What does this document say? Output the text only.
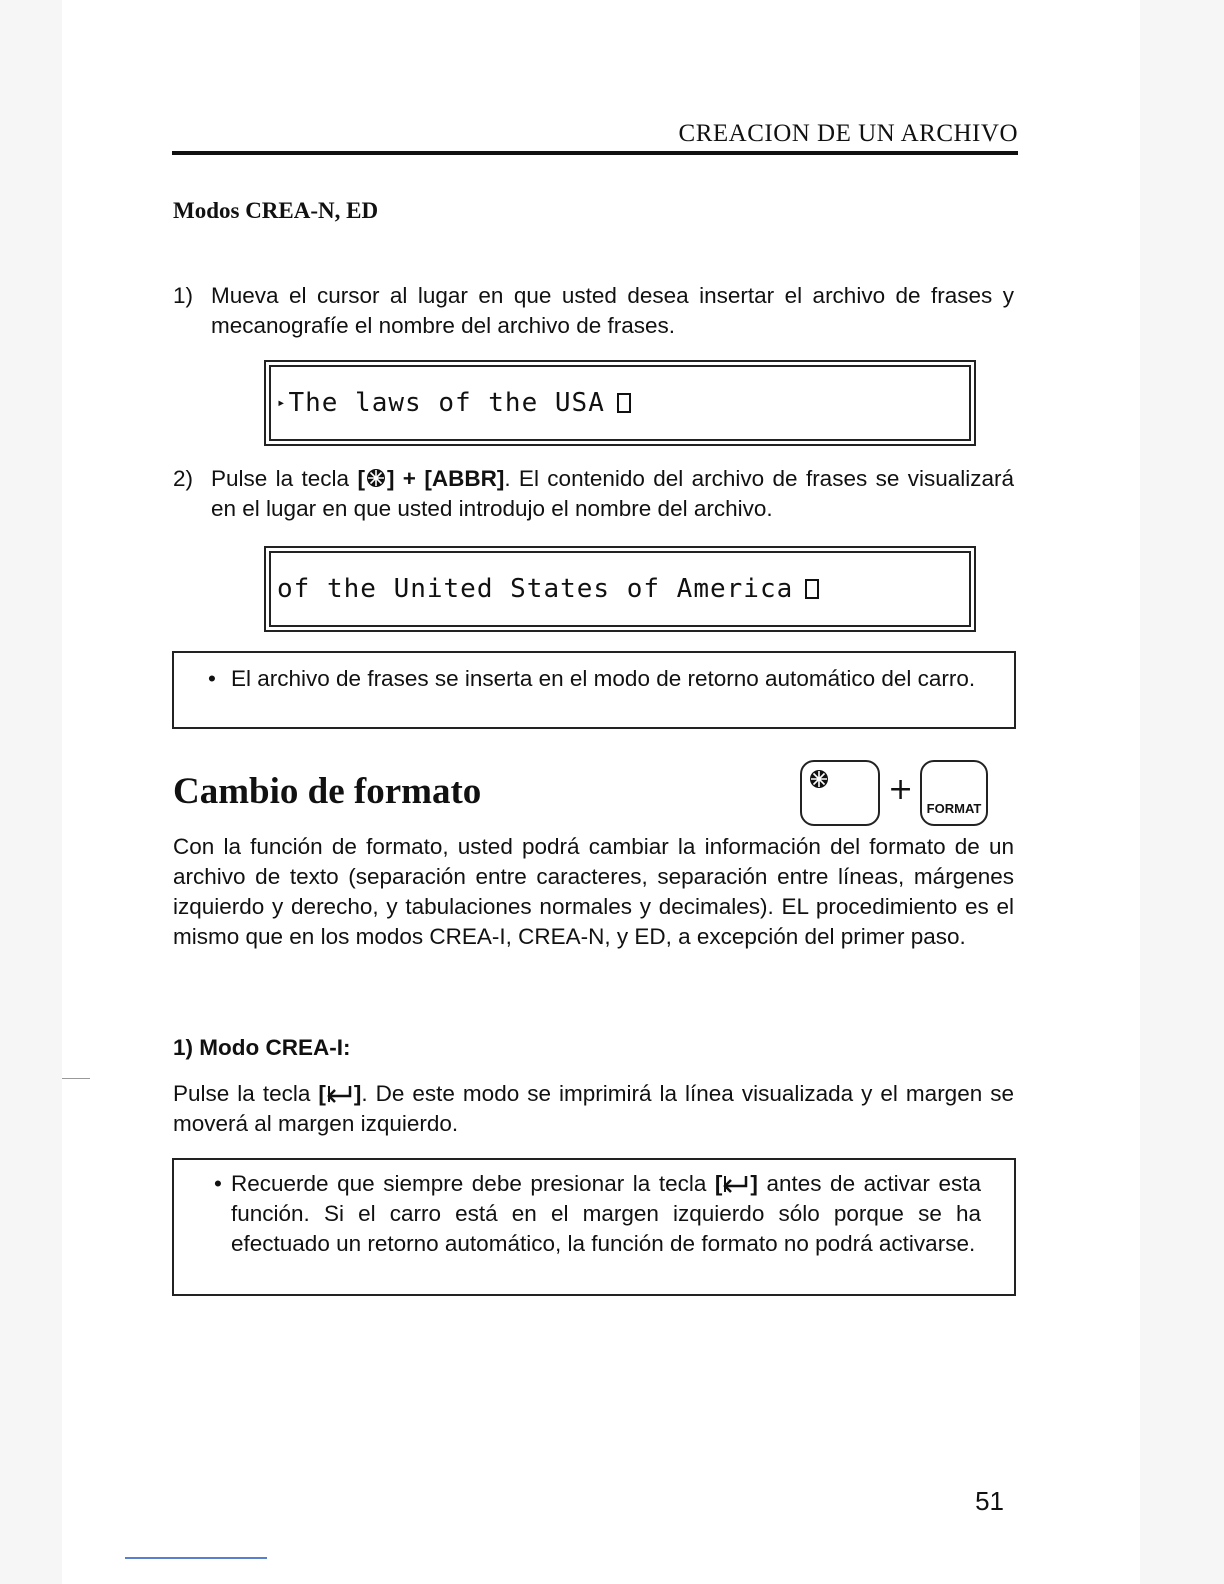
CREACION DE UN ARCHIVO
Modos CREA-N, ED
1) Mueva el cursor al lugar en que usted desea insertar el archivo de frases y mecanografíe el nombre del archivo de frases.
▸ The laws of the USA
2) Pulse la tecla [ ] + [ABBR]. El contenido del archivo de frases se visualizará en el lugar en que usted introdujo el nombre del archivo.
of the United States of America
• El archivo de frases se inserta en el modo de retorno automático del carro.
Cambio de formato	+
FORMAT
Con la función de formato, usted podrá cambiar la información del formato de un archivo de texto (separación entre caracteres, separación entre líneas, márgenes izquierdo y derecho, y tabulaciones normales y decimales). EL procedimiento es el mismo que en los modos CREA-I, CREA-N, y ED, a excepción del primer paso.
1) Modo CREA-I:
Pulse la tecla [ ]. De este modo se imprimirá la línea visualizada y el margen se moverá al margen izquierdo.
• Recuerde que siempre debe presionar la tecla [ ] antes de activar esta función. Si el carro está en el margen izquierdo sólo porque se ha efectuado un retorno automático, la función de formato no podrá activarse.
51
